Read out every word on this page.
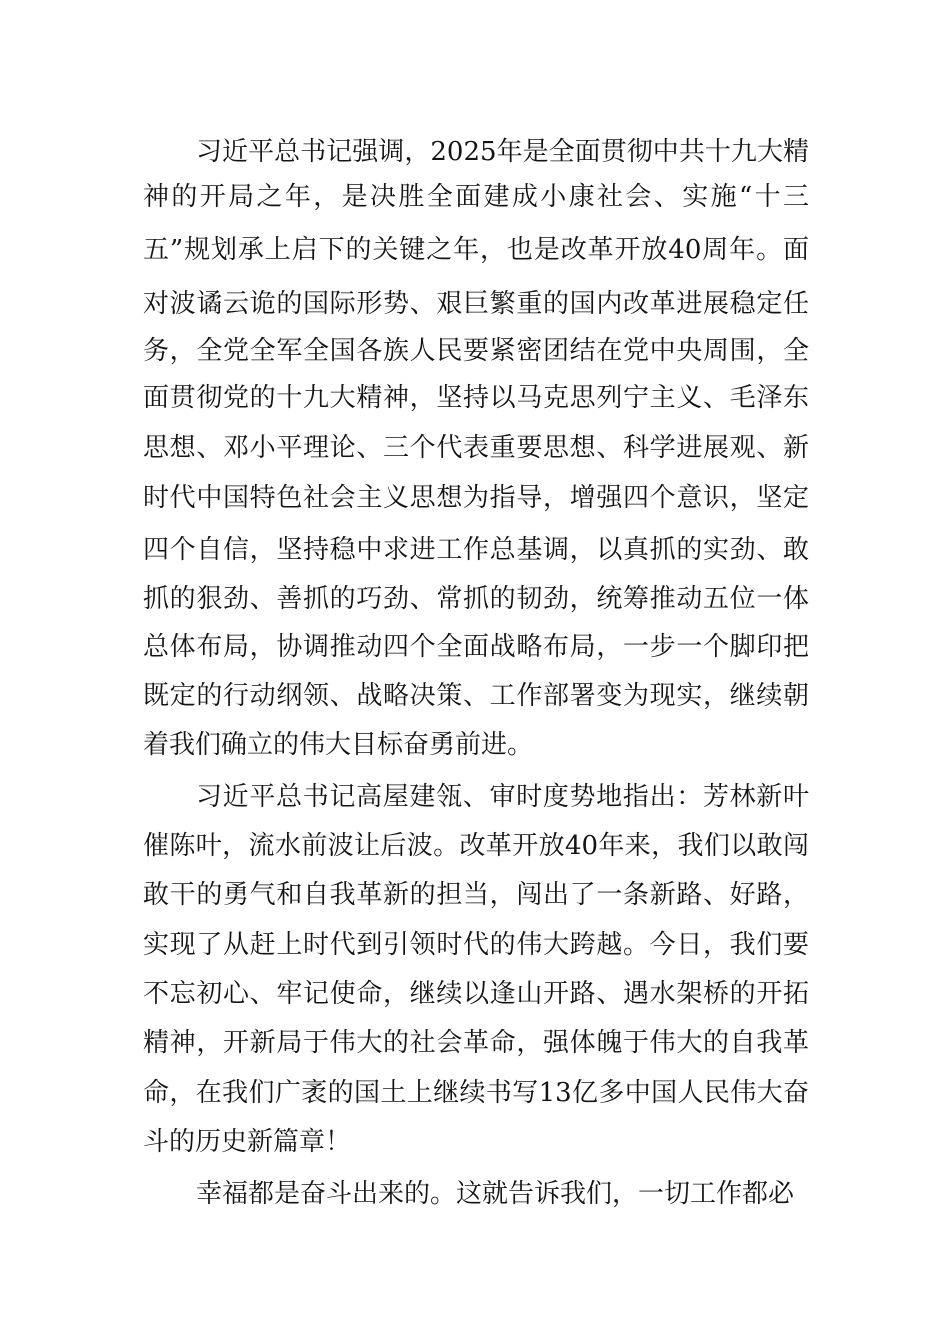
习近平总书记强调，2025年是全面贯彻中共十九大精
神的开局之年，是决胜全面建成小康社会、实施“十三
五”规划承上启下的关键之年，也是改革开放40周年。面
对波谲云诡的国际形势、艰巨繁重的国内改革进展稳定任
务，全党全军全国各族人民要紧密团结在党中央周围，全
面贯彻党的十九大精神，坚持以马克思列宁主义、毛泽东
思想、邓小平理论、三个代表重要思想、科学进展观、新
时代中国特色社会主义思想为指导，增强四个意识，坚定
四个自信，坚持稳中求进工作总基调，以真抓的实劲、敢
抓的狠劲、善抓的巧劲、常抓的韧劲，统筹推动五位一体
总体布局，协调推动四个全面战略布局，一步一个脚印把
既定的行动纲领、战略决策、工作部署变为现实，继续朝
着我们确立的伟大目标奋勇前进。
习近平总书记高屋建瓴、审时度势地指出：芳林新叶
催陈叶，流水前波让后波。改革开放40年来，我们以敢闯
敢干的勇气和自我革新的担当，闯出了一条新路、好路，
实现了从赶上时代到引领时代的伟大跨越。今日，我们要
不忘初心、牢记使命，继续以逢山开路、遇水架桥的开拓
精神，开新局于伟大的社会革命，强体魄于伟大的自我革
命，在我们广袤的国土上继续书写13亿多中国人民伟大奋
斗的历史新篇章！
幸福都是奋斗出来的。这就告诉我们，一切工作都必
